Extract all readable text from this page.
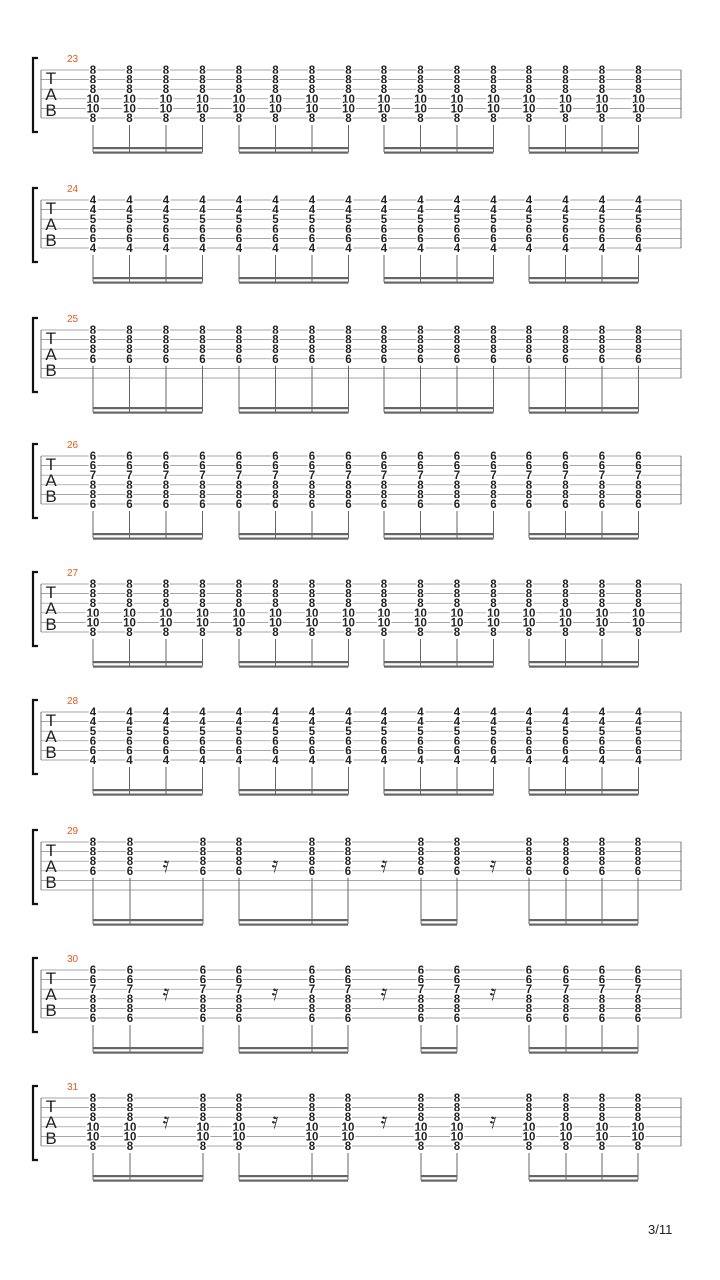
23
T
A
B
8
8
8
10
10
8
8
8
8
10
10
8
8
8
8
10
10
8
8
8
8
10
10
8
8
8
8
10
10
8
8
8
8
10
10
8
8
8
8
10
10
8
8
8
8
10
10
8
8
8
8
10
10
8
8
8
8
10
10
8
8
8
8
10
10
8
8
8
8
10
10
8
8
8
8
10
10
8
8
8
8
10
10
8
8
8
8
10
10
8
8
8
8
10
10
8
24
T
A
B
4
4
5
6
6
4
4
4
5
6
6
4
4
4
5
6
6
4
4
4
5
6
6
4
4
4
5
6
6
4
4
4
5
6
6
4
4
4
5
6
6
4
4
4
5
6
6
4
4
4
5
6
6
4
4
4
5
6
6
4
4
4
5
6
6
4
4
4
5
6
6
4
4
4
5
6
6
4
4
4
5
6
6
4
4
4
5
6
6
4
4
4
5
6
6
4
25
T
A
B
8
8
8
6
8
8
8
6
8
8
8
6
8
8
8
6
8
8
8
6
8
8
8
6
8
8
8
6
8
8
8
6
8
8
8
6
8
8
8
6
8
8
8
6
8
8
8
6
8
8
8
6
8
8
8
6
8
8
8
6
8
8
8
6
26
T
A
B
6
6
7
8
8
6
6
6
7
8
8
6
6
6
7
8
8
6
6
6
7
8
8
6
6
6
7
8
8
6
6
6
7
8
8
6
6
6
7
8
8
6
6
6
7
8
8
6
6
6
7
8
8
6
6
6
7
8
8
6
6
6
7
8
8
6
6
6
7
8
8
6
6
6
7
8
8
6
6
6
7
8
8
6
6
6
7
8
8
6
6
6
7
8
8
6
27
T
A
B
8
8
8
10
10
8
8
8
8
10
10
8
8
8
8
10
10
8
8
8
8
10
10
8
8
8
8
10
10
8
8
8
8
10
10
8
8
8
8
10
10
8
8
8
8
10
10
8
8
8
8
10
10
8
8
8
8
10
10
8
8
8
8
10
10
8
8
8
8
10
10
8
8
8
8
10
10
8
8
8
8
10
10
8
8
8
8
10
10
8
8
8
8
10
10
8
28
T
A
B
4
4
5
6
6
4
4
4
5
6
6
4
4
4
5
6
6
4
4
4
5
6
6
4
4
4
5
6
6
4
4
4
5
6
6
4
4
4
5
6
6
4
4
4
5
6
6
4
4
4
5
6
6
4
4
4
5
6
6
4
4
4
5
6
6
4
4
4
5
6
6
4
4
4
5
6
6
4
4
4
5
6
6
4
4
4
5
6
6
4
4
4
5
6
6
4
29
T
A
B
8
8
8
6
8
8
8
6 𝄿
8
8
8
6
8
8
8
6 𝄿
8
8
8
6
8
8
8
6 𝄿
8
8
8
6
8
8
8
6 𝄿
8
8
8
6
8
8
8
6
8
8
8
6
8
8
8
6
30
T
A
B
6
6
7
8
8
6
6
6
7
8
8
6
𝄿
6
6
7
8
8
6
6
6
7
8
8
6
𝄿
6
6
7
8
8
6
6
6
7
8
8
6
𝄿
6
6
7
8
8
6
6
6
7
8
8
6
𝄿
6
6
7
8
8
6
6
6
7
8
8
6
6
6
7
8
8
6
6
6
7
8
8
6
31
T
A
B
8
8
8
10
10
8
8
8
8
10
10
8
𝄿
8
8
8
10
10
8
8
8
8
10
10
8
𝄿
8
8
8
10
10
8
8
8
8
10
10
8
𝄿
8
8
8
10
10
8
8
8
8
10
10
8
𝄿
8
8
8
10
10
8
8
8
8
10
10
8
8
8
8
10
10
8
8
8
8
10
10
8
3/11
